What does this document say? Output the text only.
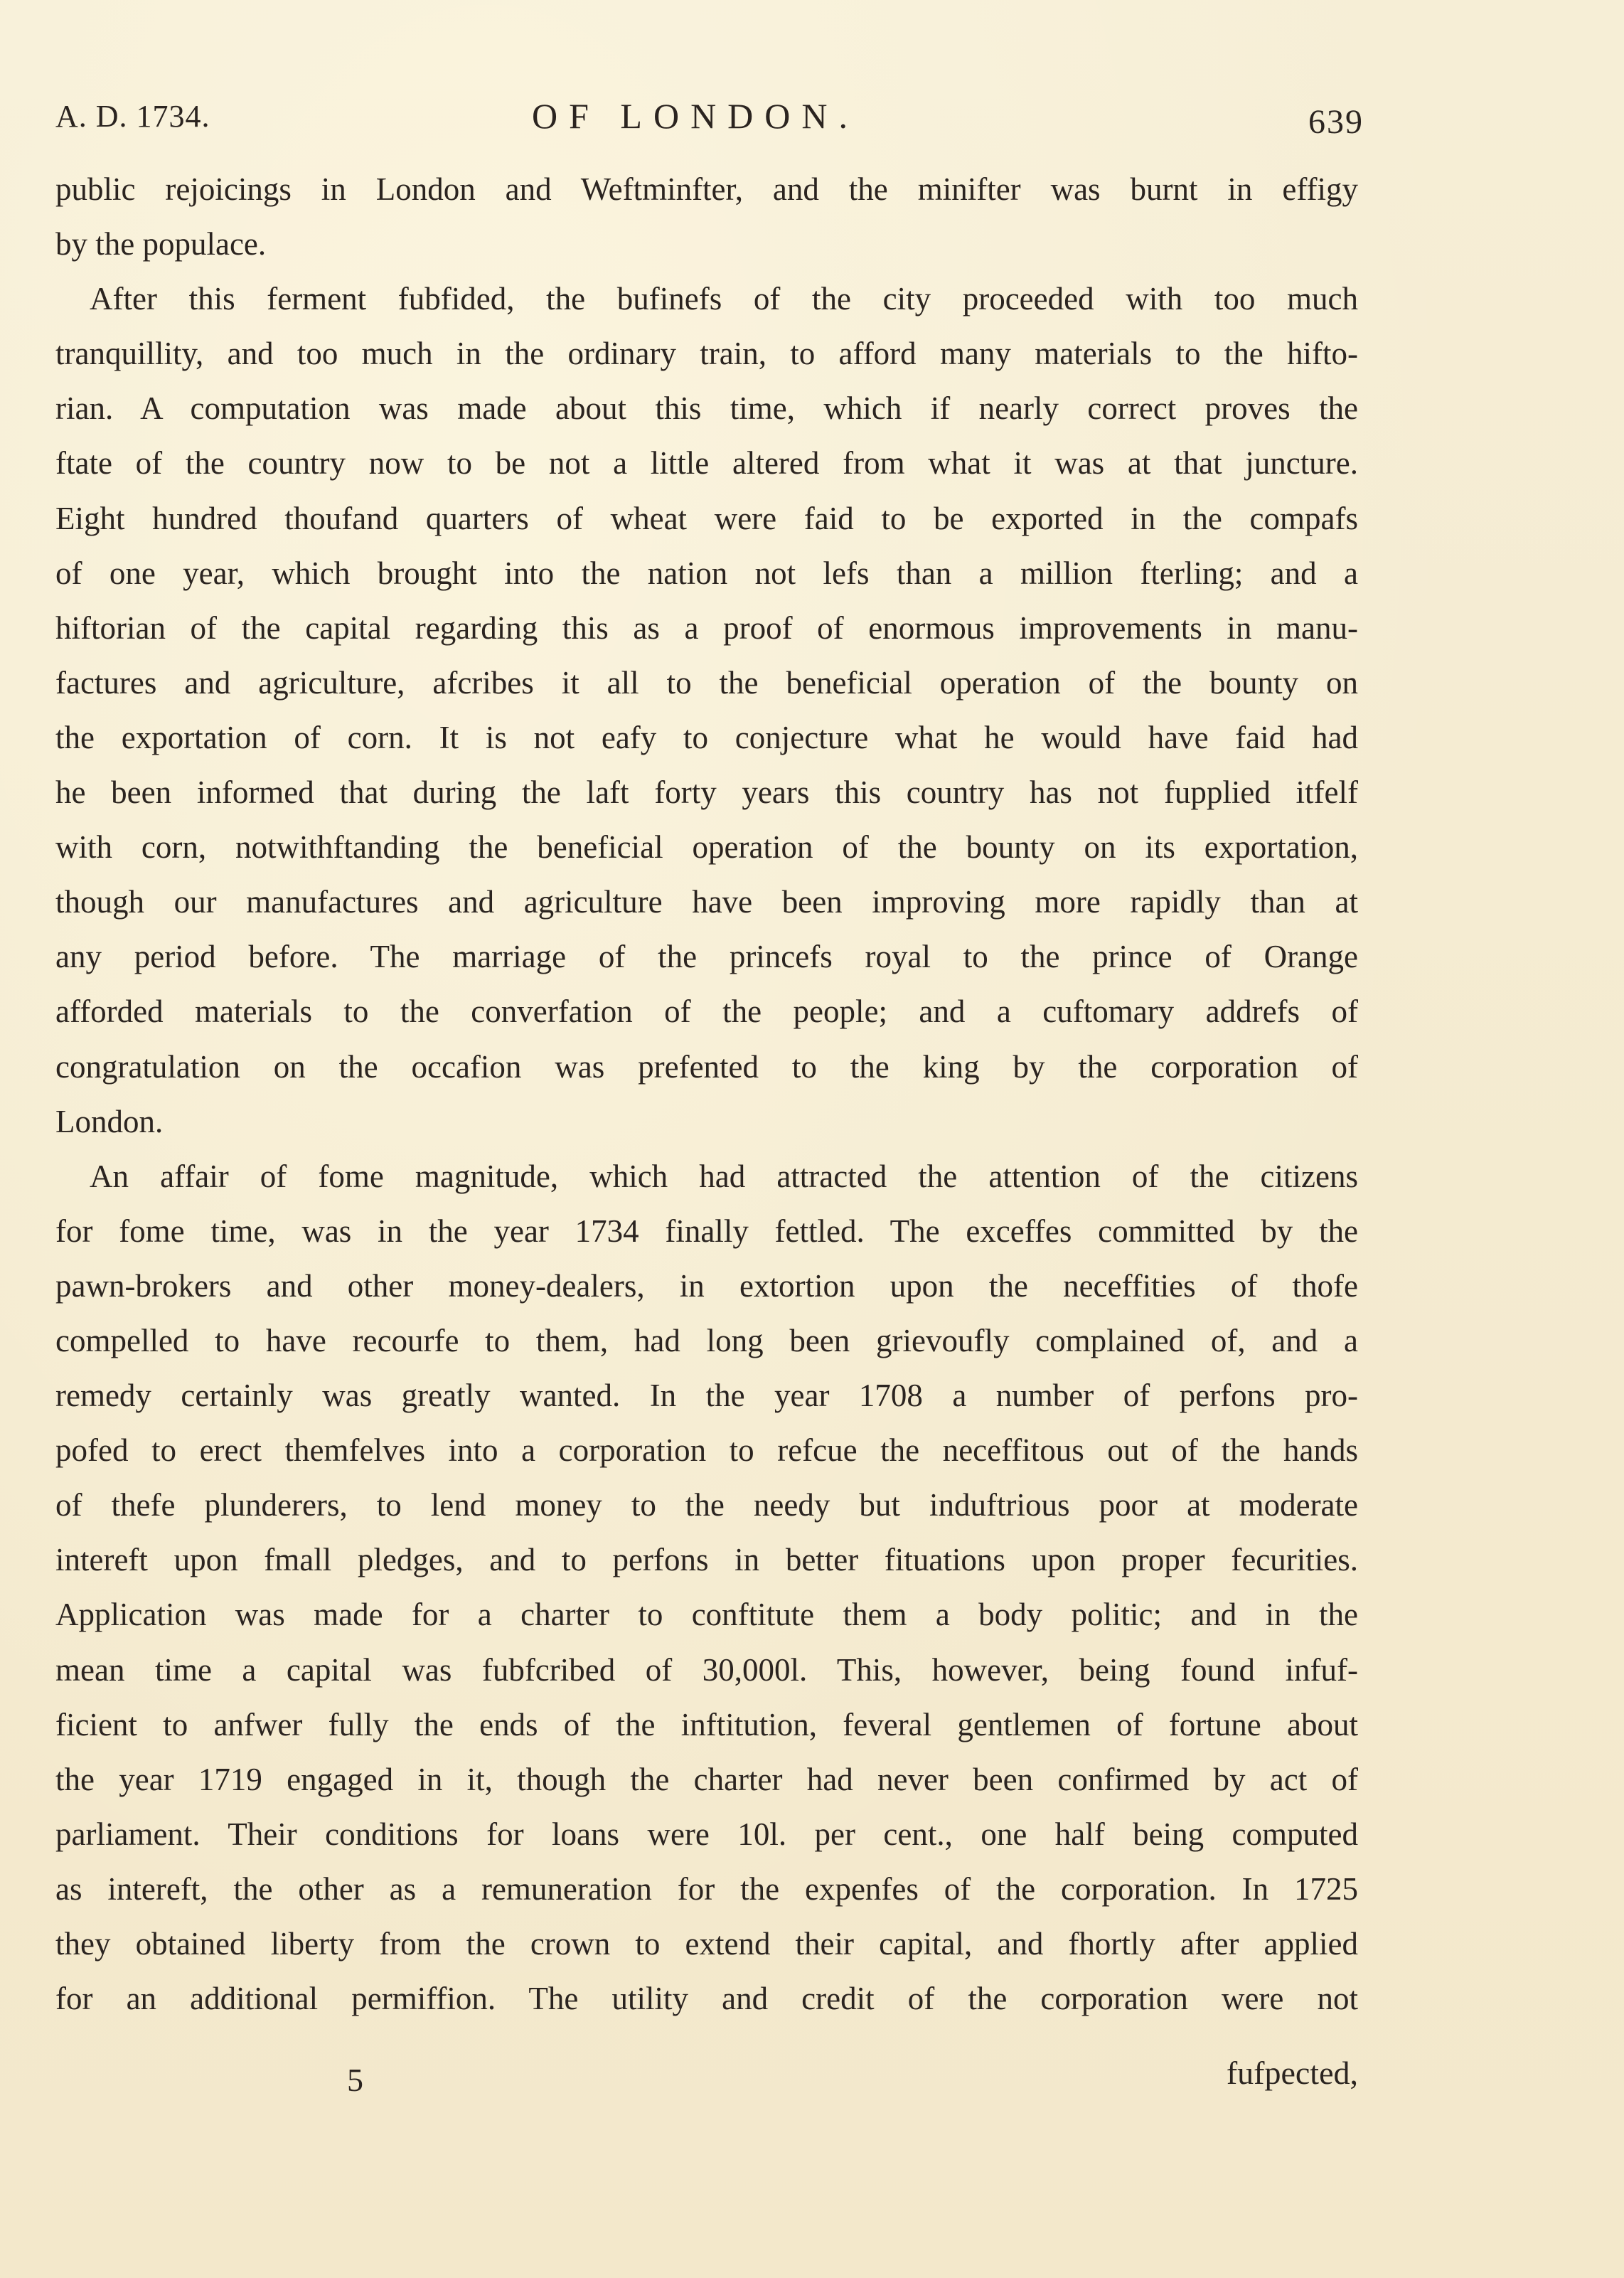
A. D. 1734.	OF LONDON.	639
public rejoicings in London and Weftminfter, and the minifter was burnt in effigy
by the populace.
After this ferment fubfided, the bufinefs of the city proceeded with too much
tranquillity, and too much in the ordinary train, to afford many materials to the hifto-
rian. A computation was made about this time, which if nearly correct proves the
ftate of the country now to be not a little altered from what it was at that juncture.
Eight hundred thoufand quarters of wheat were faid to be exported in the compafs
of one year, which brought into the nation not lefs than a million fterling; and a
hiftorian of the capital regarding this as a proof of enormous improvements in manu-
factures and agriculture, afcribes it all to the beneficial operation of the bounty on
the exportation of corn. It is not eafy to conjecture what he would have faid had
he been informed that during the laft forty years this country has not fupplied itfelf
with corn, notwithftanding the beneficial operation of the bounty on its exportation,
though our manufactures and agriculture have been improving more rapidly than at
any period before. The marriage of the princefs royal to the prince of Orange
afforded materials to the converfation of the people; and a cuftomary addrefs of
congratulation on the occafion was prefented to the king by the corporation of
London.
An affair of fome magnitude, which had attracted the attention of the citizens
for fome time, was in the year 1734 finally fettled. The exceffes committed by the
pawn-brokers and other money-dealers, in extortion upon the neceffities of thofe
compelled to have recourfe to them, had long been grievoufly complained of, and a
remedy certainly was greatly wanted. In the year 1708 a number of perfons pro-
pofed to erect themfelves into a corporation to refcue the neceffitous out of the hands
of thefe plunderers, to lend money to the needy but induftrious poor at moderate
intereft upon fmall pledges, and to perfons in better fituations upon proper fecurities.
Application was made for a charter to conftitute them a body politic; and in the
mean time a capital was fubfcribed of 30,000l. This, however, being found infuf-
ficient to anfwer fully the ends of the inftitution, feveral gentlemen of fortune about
the year 1719 engaged in it, though the charter had never been confirmed by act of
parliament. Their conditions for loans were 10l. per cent., one half being computed
as intereft, the other as a remuneration for the expenfes of the corporation. In 1725
they obtained liberty from the crown to extend their capital, and fhortly after applied
for an additional permiffion. The utility and credit of the corporation were not
5	fufpected,
